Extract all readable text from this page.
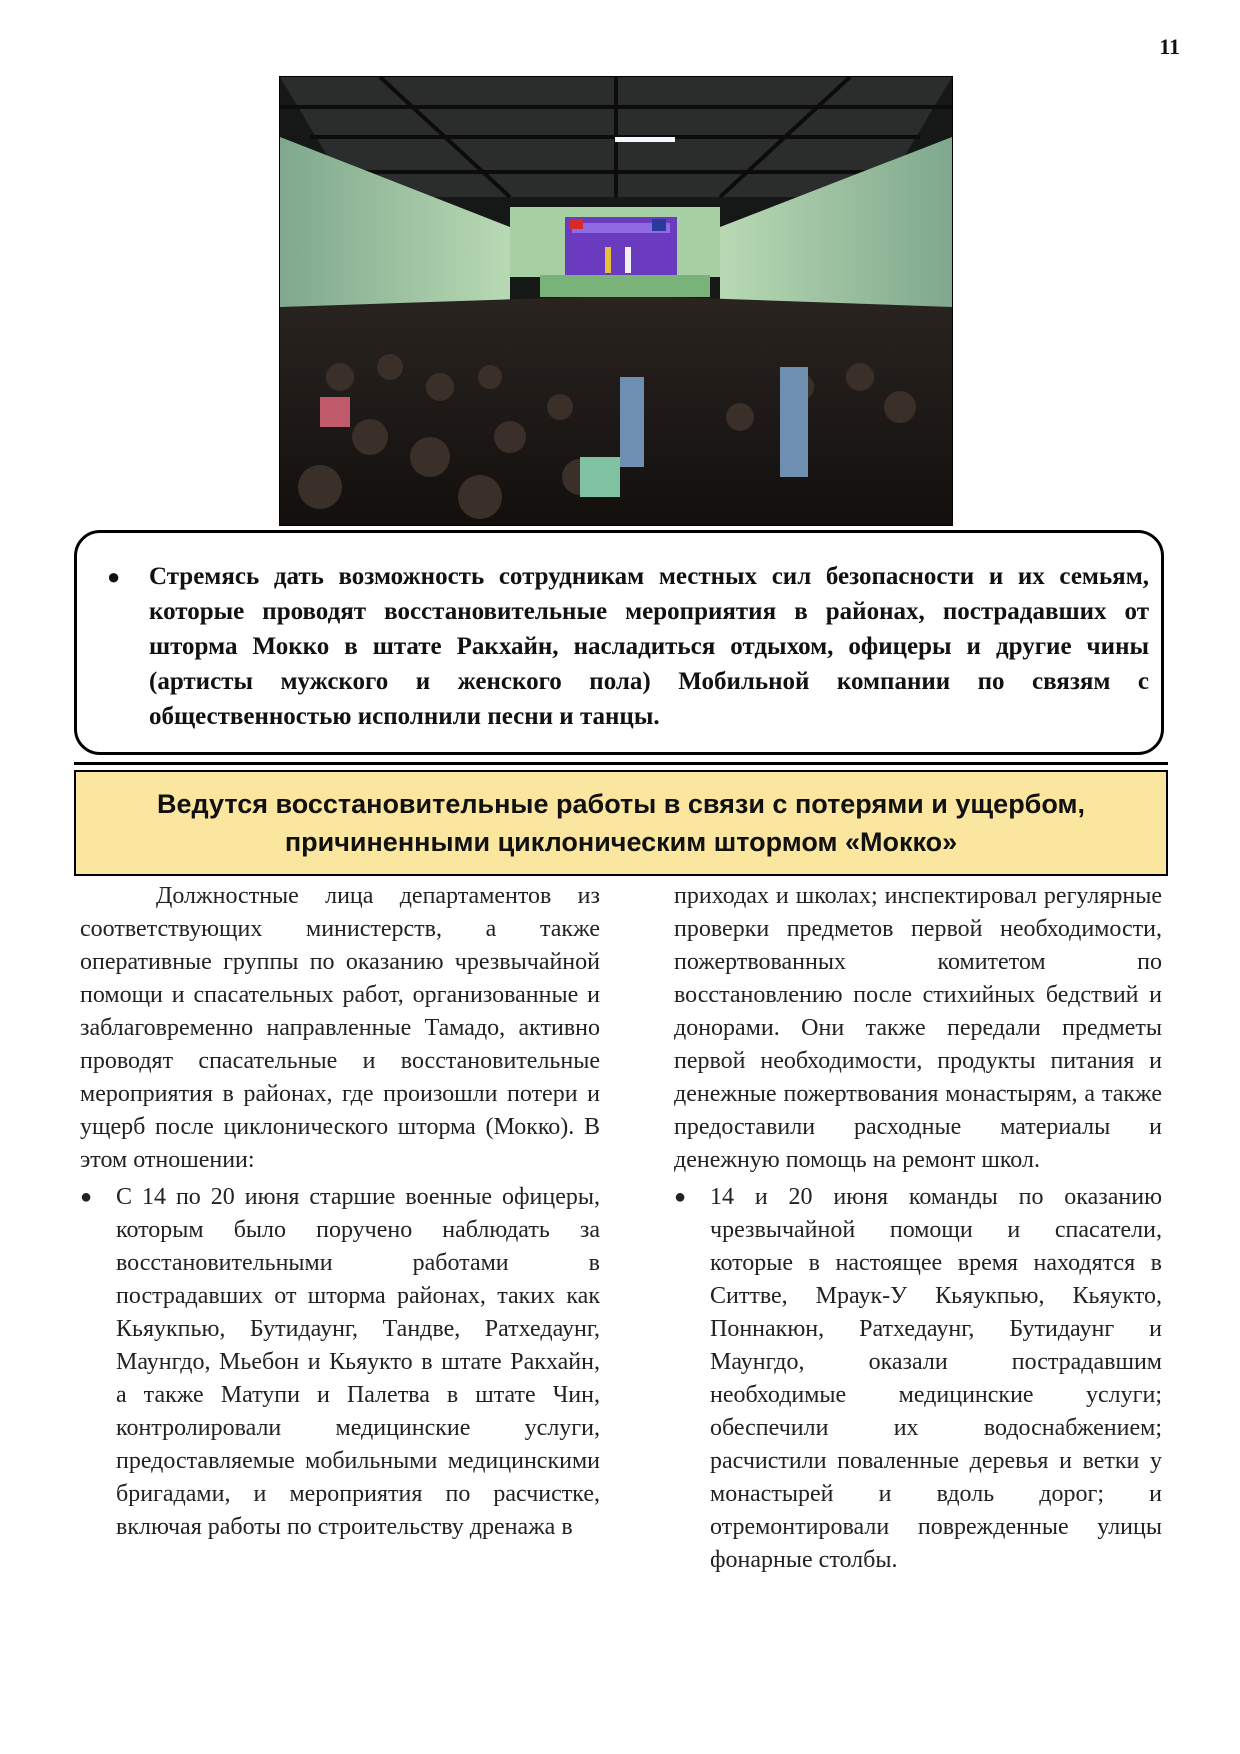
11
● Стремясь дать возможность сотрудникам местных сил безопасности и их семьям, которые проводят восстановительные мероприятия в районах, пострадавших от шторма Мокко в штате Ракхайн, насладиться отдыхом, офицеры и другие чины (артисты мужского и женского пола) Мобильной компании по связям с общественностью исполнили песни и танцы.
Ведутся восстановительные работы в связи с потерями и ущербом,
причиненными циклоническим штормом «Мокко»

Должностные лица департаментов из соответствующих министерств, а также оперативные группы по оказанию чрезвычайной помощи и спасательных работ, организованные и заблаговременно направленные Тамадо, активно проводят спасательные и восстановительные мероприятия в районах, где произошли потери и ущерб после циклонического шторма (Мокко). В этом отношении:

● С 14 по 20 июня старшие военные офицеры, которым было поручено наблюдать за восстановительными работами в пострадавших от шторма районах, таких как Кьяукпью, Бутидаунг, Тандве, Ратхедаунг, Маунгдо, Мьебон и Кьяукто в штате Ракхайн, а также Матупи и Палетва в штате Чин, контролировали медицинские услуги, предоставляемые мобильными медицинскими бригадами, и мероприятия по расчистке, включая работы по строительству дренажа в

приходах и школах; инспектировал регулярные проверки предметов первой необходимости, пожертвованных комитетом по восстановлению после стихийных бедствий и донорами. Они также передали предметы первой необходимости, продукты питания и денежные пожертвования монастырям, а также предоставили расходные материалы и денежную помощь на ремонт школ.

● 14 и 20 июня команды по оказанию чрезвычайной помощи и спасатели, которые в настоящее время находятся в Ситтве, Мраук-У Кьяукпью, Кьяукто, Поннакюн, Ратхедаунг, Бутидаунг и Маунгдо, оказали пострадавшим необходимые медицинские услуги; обеспечили их водоснабжением; расчистили поваленные деревья и ветки у монастырей и вдоль дорог; и отремонтировали поврежденные улицы фонарные столбы.
